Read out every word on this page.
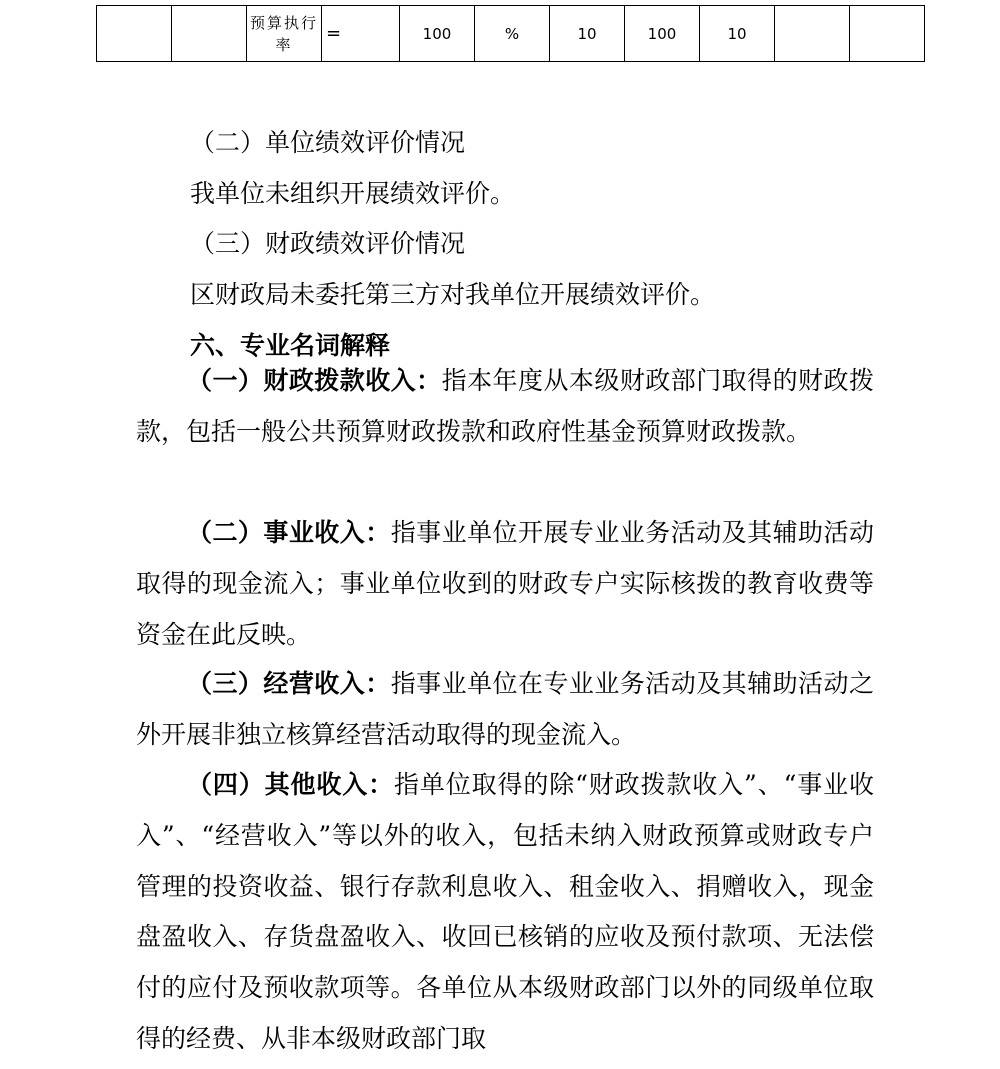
		预算执行率	=	100	%	10	100	10		
（二）单位绩效评价情况
我单位未组织开展绩效评价。
（三）财政绩效评价情况
区财政局未委托第三方对我单位开展绩效评价。
六、专业名词解释

（一）财政拨款收入：指本年度从本级财政部门取得的财政拨款，包括一般公共预算财政拨款和政府性基金预算财政拨款。

（二）事业收入：指事业单位开展专业业务活动及其辅助活动取得的现金流入；事业单位收到的财政专户实际核拨的教育收费等资金在此反映。

（三）经营收入：指事业单位在专业业务活动及其辅助活动之外开展非独立核算经营活动取得的现金流入。

（四）其他收入：指单位取得的除“财政拨款收入”、“事业收入”、“经营收入”等以外的收入，包括未纳入财政预算或财政专户管理的投资收益、银行存款利息收入、租金收入、捐赠收入，现金盘盈收入、存货盘盈收入、收回已核销的应收及预付款项、无法偿付的应付及预收款项等。各单位从本级财政部门以外的同级单位取得的经费、从非本级财政部门取
